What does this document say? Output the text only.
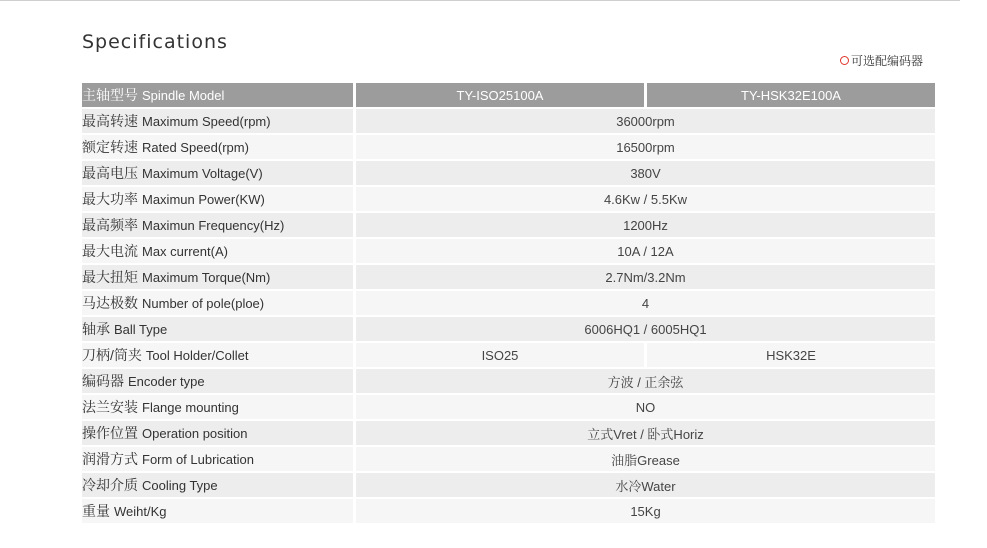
Specifications
可选配编码器
主轴型号 Spindle Model		TY-ISO25100A		TY-HSK32E100A
最高转速 Maximum Speed(rpm)		36000rpm		
额定转速 Rated Speed(rpm)		16500rpm		
最高电压 Maximum Voltage(V)		380V		
最大功率 Maximun Power(KW)		4.6Kw / 5.5Kw		
最高频率 Maximun Frequency(Hz)		1200Hz		
最大电流 Max current(A)		10A / 12A		
最大扭矩 Maximum Torque(Nm)		2.7Nm/3.2Nm		
马达极数 Number of pole(ploe)		4		
轴承 Ball Type		6006HQ1 / 6005HQ1		
刀柄/筒夹 Tool Holder/Collet		ISO25		HSK32E
编码器 Encoder type		方波 / 正余弦		
法兰安装 Flange mounting		NO		
操作位置 Operation position		立式Vret / 卧式Horiz		
润滑方式 Form of Lubrication		油脂Grease		
冷却介质 Cooling Type		水冷Water		
重量 Weiht/Kg		15Kg		
